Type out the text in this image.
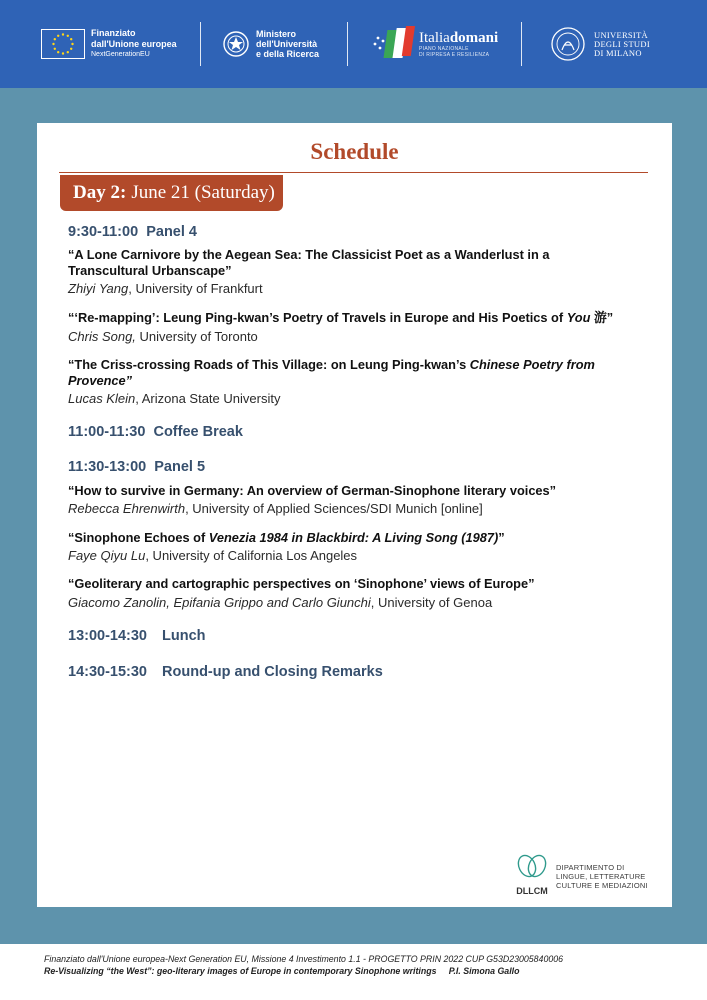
Finanziato
dall'Unione europea
NextGenerationEU
Ministero
dell'Università
e della Ricerca
Italiadomani
PIANO NAZIONALE
DI RIPRESA E RESILIENZA
UNIVERSITÀ
DEGLI STUDI
DI MILANO
Schedule
Day 2: June 21 (Saturday)
9:30-11:00 Panel 4
“A Lone Carnivore by the Aegean Sea: The Classicist Poet as a Wanderlust in a
Transcultural Urbanscape”
Zhiyi Yang, University of Frankfurt
“‘Re-mapping’: Leung Ping-kwan’s Poetry of Travels in Europe and His Poetics of You 游”
Chris Song, University of Toronto
“The Criss-crossing Roads of This Village: on Leung Ping-kwan’s Chinese Poetry from
Provence”
Lucas Klein, Arizona State University
11:00-11:30 Coffee Break
11:30-13:00 Panel 5
“How to survive in Germany: An overview of German-Sinophone literary voices”
Rebecca Ehrenwirth, University of Applied Sciences/SDI Munich [online]
“Sinophone Echoes of Venezia 1984 in Blackbird: A Living Song (1987)”
Faye Qiyu Lu, University of California Los Angeles
“Geoliterary and cartographic perspectives on ‘Sinophone’ views of Europe”
Giacomo Zanolin, Epifania Grippo and Carlo Giunchi, University of Genoa
13:00-14:30 Lunch
14:30-15:30 Round-up and Closing Remarks
DLLCM
DIPARTIMENTO DI
LINGUE, LETTERATURE
CULTURE E MEDIAZIONI
Finanziato dall'Unione europea-Next Generation EU, Missione 4 Investimento 1.1 - PROGETTO PRIN 2022 CUP G53D23005840006
Re-Visualizing “the West”: geo-literary images of Europe in contemporary Sinophone writings P.I. Simona Gallo
